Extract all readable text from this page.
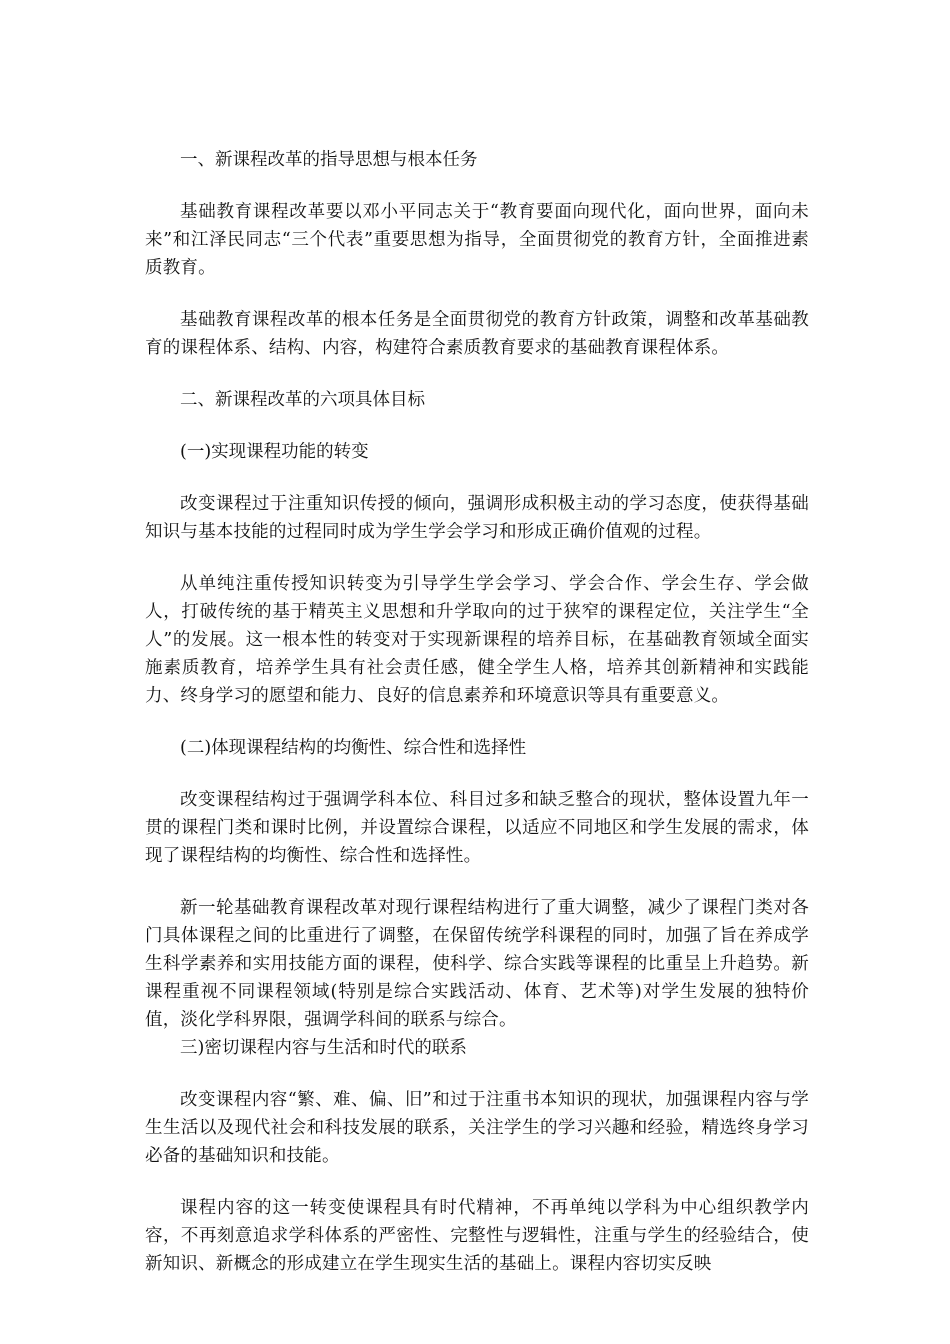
一、新课程改革的指导思想与根本任务

基础教育课程改革要以邓小平同志关于“教育要面向现代化，面向世界，面向未来”和江泽民同志“三个代表”重要思想为指导，全面贯彻党的教育方针，全面推进素质教育。

基础教育课程改革的根本任务是全面贯彻党的教育方针政策，调整和改革基础教育的课程体系、结构、内容，构建符合素质教育要求的基础教育课程体系。

二、新课程改革的六项具体目标

(一)实现课程功能的转变

改变课程过于注重知识传授的倾向，强调形成积极主动的学习态度，使获得基础知识与基本技能的过程同时成为学生学会学习和形成正确价值观的过程。

从单纯注重传授知识转变为引导学生学会学习、学会合作、学会生存、学会做人，打破传统的基于精英主义思想和升学取向的过于狭窄的课程定位，关注学生“全人”的发展。这一根本性的转变对于实现新课程的培养目标，在基础教育领域全面实施素质教育，培养学生具有社会责任感，健全学生人格，培养其创新精神和实践能力、终身学习的愿望和能力、良好的信息素养和环境意识等具有重要意义。

(二)体现课程结构的均衡性、综合性和选择性

改变课程结构过于强调学科本位、科目过多和缺乏整合的现状，整体设置九年一贯的课程门类和课时比例，并设置综合课程，以适应不同地区和学生发展的需求，体现了课程结构的均衡性、综合性和选择性。

新一轮基础教育课程改革对现行课程结构进行了重大调整，减少了课程门类对各门具体课程之间的比重进行了调整，在保留传统学科课程的同时，加强了旨在养成学生科学素养和实用技能方面的课程，使科学、综合实践等课程的比重呈上升趋势。新课程重视不同课程领域(特别是综合实践活动、体育、艺术等)对学生发展的独特价值，淡化学科界限，强调学科间的联系与综合。

三)密切课程内容与生活和时代的联系

改变课程内容“繁、难、偏、旧”和过于注重书本知识的现状，加强课程内容与学生生活以及现代社会和科技发展的联系，关注学生的学习兴趣和经验，精选终身学习必备的基础知识和技能。

课程内容的这一转变使课程具有时代精神，不再单纯以学科为中心组织教学内容，不再刻意追求学科体系的严密性、完整性与逻辑性，注重与学生的经验结合，使新知识、新概念的形成建立在学生现实生活的基础上。课程内容切实反映
